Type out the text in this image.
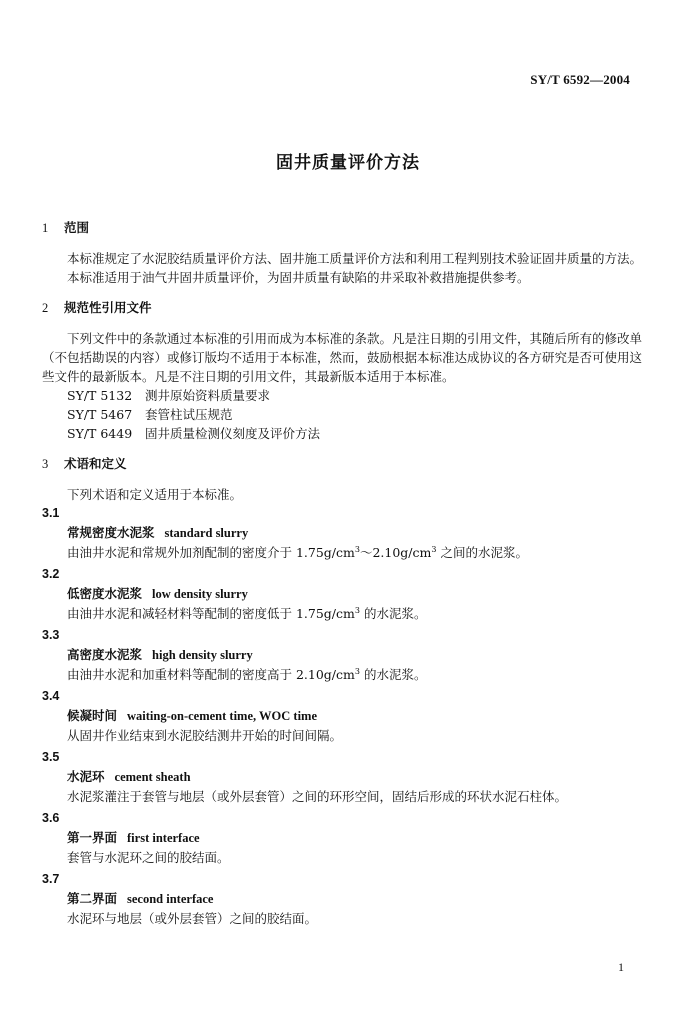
SY/T 6592—2004
固井质量评价方法

1 范围

本标准规定了水泥胶结质量评价方法、固井施工质量评价方法和利用工程判别技术验证固井质量的方法。

本标准适用于油气井固井质量评价，为固井质量有缺陷的井采取补救措施提供参考。

2 规范性引用文件

下列文件中的条款通过本标准的引用而成为本标准的条款。凡是注日期的引用文件，其随后所有的修改单（不包括勘误的内容）或修订版均不适用于本标准，然而，鼓励根据本标准达成协议的各方研究是否可使用这些文件的最新版本。凡是不注日期的引用文件，其最新版本适用于本标准。

SY/T 5132 测井原始资料质量要求

SY/T 5467 套管柱试压规范

SY/T 6449 固井质量检测仪刻度及评价方法

3 术语和定义

下列术语和定义适用于本标准。

3.1

常规密度水泥浆 standard slurry

由油井水泥和常规外加剂配制的密度介于 $1.75g/cm^3\sim 2.10g/cm^3$ 之间的水泥浆。

3.2

低密度水泥浆 low density slurry

由油井水泥和减轻材料等配制的密度低于 $1.75g/cm^3$ 的水泥浆。

3.3

高密度水泥浆 high density slurry

由油井水泥和加重材料等配制的密度高于 $2.10g/cm^3$ 的水泥浆。

3.4

候凝时间 waiting-on-cement time, WOC time

从固井作业结束到水泥胶结测井开始的时间间隔。

3.5

水泥环 cement sheath

水泥浆灌注于套管与地层（或外层套管）之间的环形空间，固结后形成的环状水泥石柱体。

3.6

第一界面 first interface

套管与水泥环之间的胶结面。

3.7

第二界面 second interface

水泥环与地层（或外层套管）之间的胶结面。

1
